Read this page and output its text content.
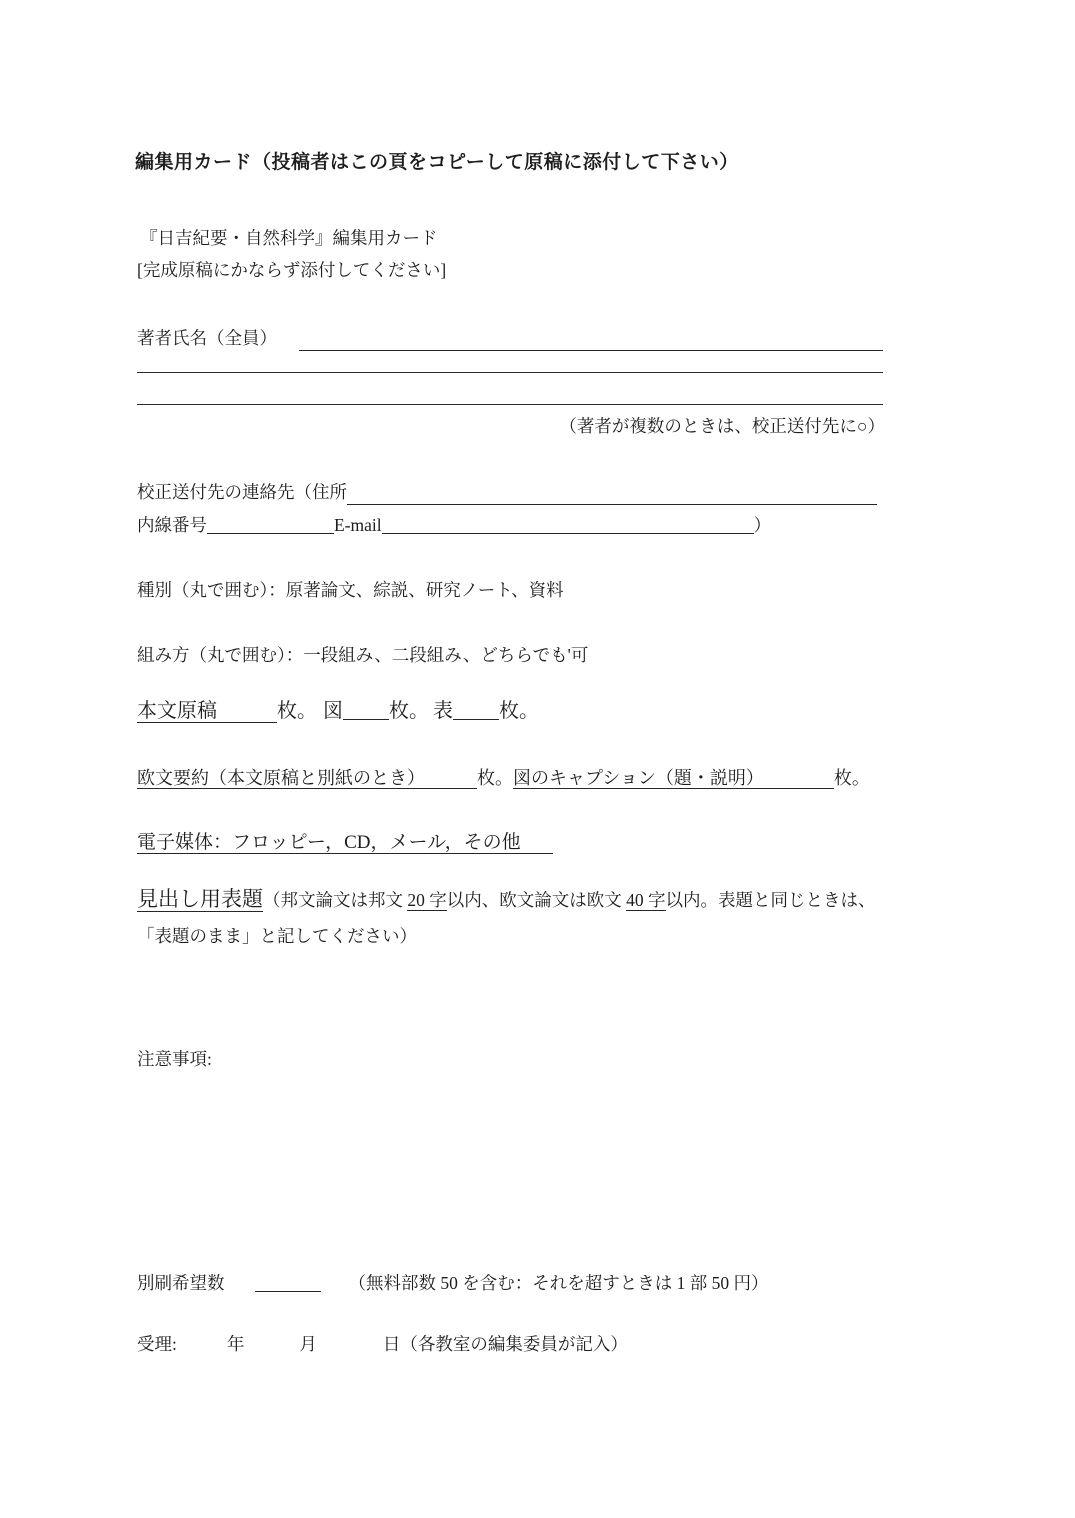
編集用カード（投稿者はこの頁をコピーして原稿に添付して下さい）
『日吉紀要・自然科学』編集用カード
[完成原稿にかならず添付してください]
著者氏名（全員）
（著者が複数のときは、校正送付先に○）
校正送付先の連絡先（住所
内線番号	E-mail	）
種別（丸で囲む）：原著論文、綜説、研究ノート、資料
組み方（丸で囲む）：一段組み、二段組み、どちらでも'可
本文原稿	枚。 図 枚。 表 枚。
欧文要約（本文原稿と別紙のとき）	枚。図のキャプション（題・説明）	枚。
電子媒体：フロッピー，CD，メール，その他
見出し用表題（邦文論文は邦文 20 字以内、欧文論文は欧文 40 字以内。表題と同じときは、
「表題のまま」と記してください）
注意事項:
別刷希望数	（無料部数 50 を含む：それを超すときは 1 部 50 円）
受理:	年	月	日（各教室の編集委員が記入）
